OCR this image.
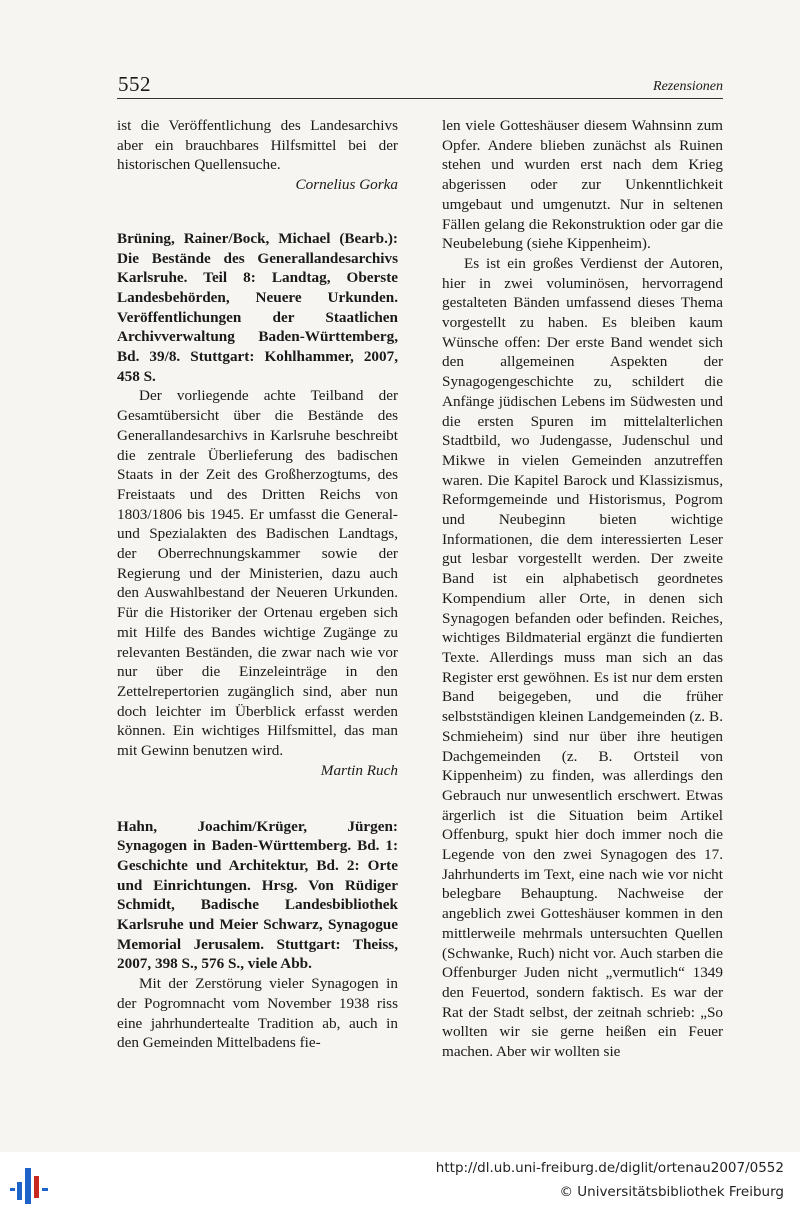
552	Rezensionen

ist die Veröffentlichung des Landesarchivs aber ein brauchbares Hilfsmittel bei der historischen Quellensuche.

Cornelius Gorka

Brüning, Rainer/Bock, Michael (Bearb.): Die Bestände des Generallandesarchivs Karlsruhe. Teil 8: Landtag, Oberste Landesbehörden, Neuere Urkunden. Veröffentlichungen der Staatlichen Archivverwaltung Baden-Württemberg, Bd. 39/8. Stuttgart: Kohlhammer, 2007, 458 S.

Der vorliegende achte Teilband der Gesamtübersicht über die Bestände des Generallandesarchivs in Karlsruhe beschreibt die zentrale Überlieferung des badischen Staats in der Zeit des Großherzogtums, des Freistaats und des Dritten Reichs von 1803/1806 bis 1945. Er umfasst die General- und Spezialakten des Badischen Landtags, der Oberrechnungskammer sowie der Regierung und der Ministerien, dazu auch den Auswahlbestand der Neueren Urkunden. Für die Historiker der Ortenau ergeben sich mit Hilfe des Bandes wichtige Zugänge zu relevanten Beständen, die zwar nach wie vor nur über die Einzeleinträge in den Zettelrepertorien zugänglich sind, aber nun doch leichter im Überblick erfasst werden können. Ein wichtiges Hilfsmittel, das man mit Gewinn benutzen wird.

Martin Ruch

Hahn, Joachim/Krüger, Jürgen: Synagogen in Baden-Württemberg. Bd. 1: Geschichte und Architektur, Bd. 2: Orte und Einrichtungen. Hrsg. Von Rüdiger Schmidt, Badische Landesbibliothek Karlsruhe und Meier Schwarz, Synagogue Memorial Jerusalem. Stuttgart: Theiss, 2007, 398 S., 576 S., viele Abb.

Mit der Zerstörung vieler Synagogen in der Pogromnacht vom November 1938 riss eine jahrhundertealte Tradition ab, auch in den Gemeinden Mittelbadens fie-

len viele Gotteshäuser diesem Wahnsinn zum Opfer. Andere blieben zunächst als Ruinen stehen und wurden erst nach dem Krieg abgerissen oder zur Unkenntlichkeit umgebaut und umgenutzt. Nur in seltenen Fällen gelang die Rekonstruktion oder gar die Neubelebung (siehe Kippenheim).

Es ist ein großes Verdienst der Autoren, hier in zwei voluminösen, hervorragend gestalteten Bänden umfassend dieses Thema vorgestellt zu haben. Es bleiben kaum Wünsche offen: Der erste Band wendet sich den allgemeinen Aspekten der Synagogengeschichte zu, schildert die Anfänge jüdischen Lebens im Südwesten und die ersten Spuren im mittelalterlichen Stadtbild, wo Judengasse, Judenschul und Mikwe in vielen Gemeinden anzutreffen waren. Die Kapitel Barock und Klassizismus, Reformgemeinde und Historismus, Pogrom und Neubeginn bieten wichtige Informationen, die dem interessierten Leser gut lesbar vorgestellt werden. Der zweite Band ist ein alphabetisch geordnetes Kompendium aller Orte, in denen sich Synagogen befanden oder befinden. Reiches, wichtiges Bildmaterial ergänzt die fundierten Texte. Allerdings muss man sich an das Register erst gewöhnen. Es ist nur dem ersten Band beigegeben, und die früher selbstständigen kleinen Landgemeinden (z. B. Schmieheim) sind nur über ihre heutigen Dachgemeinden (z. B. Ortsteil von Kippenheim) zu finden, was allerdings den Gebrauch nur unwesentlich erschwert. Etwas ärgerlich ist die Situation beim Artikel Offenburg, spukt hier doch immer noch die Legende von den zwei Synagogen des 17. Jahrhunderts im Text, eine nach wie vor nicht belegbare Behauptung. Nachweise der angeblich zwei Gotteshäuser kommen in den mittlerweile mehrmals untersuchten Quellen (Schwanke, Ruch) nicht vor. Auch starben die Offenburger Juden nicht „vermutlich“ 1349 den Feuertod, sondern faktisch. Es war der Rat der Stadt selbst, der zeitnah schrieb: „So wollten wir sie gerne heißen ein Feuer machen. Aber wir wollten sie

http://dl.ub.uni-freiburg.de/diglit/ortenau2007/0552
© Universitätsbibliothek Freiburg
